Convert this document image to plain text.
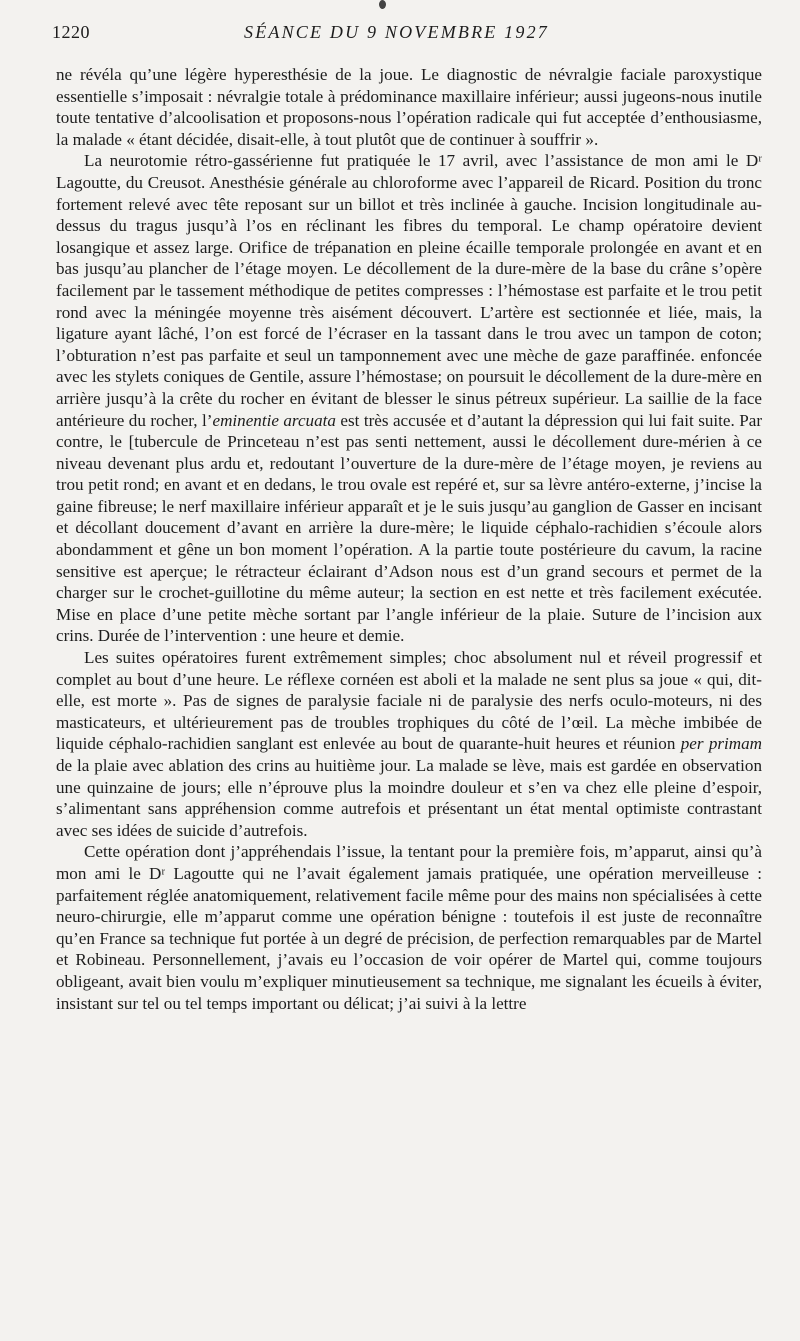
1220	SÉANCE DU 9 NOVEMBRE 1927

ne révéla qu’une légère hyperesthésie de la joue. Le diagnostic de névralgie faciale paroxystique essentielle s’imposait : névralgie totale à prédominance maxillaire inférieur; aussi jugeons-nous inutile toute tentative d’alcoolisation et proposons-nous l’opération radicale qui fut acceptée d’enthousiasme, la malade « étant décidée, disait-elle, à tout plutôt que de continuer à souffrir ».

La neurotomie rétro-gassérienne fut pratiquée le 17 avril, avec l’assistance de mon ami le Dʳ Lagoutte, du Creusot. Anesthésie générale au chloroforme avec l’appareil de Ricard. Position du tronc fortement relevé avec tête reposant sur un billot et très inclinée à gauche. Incision longitudinale au-dessus du tragus jusqu’à l’os en réclinant les fibres du temporal. Le champ opératoire devient losangique et assez large. Orifice de trépanation en pleine écaille temporale prolongée en avant et en bas jusqu’au plancher de l’étage moyen. Le décollement de la dure-mère de la base du crâne s’opère facilement par le tassement méthodique de petites compresses : l’hémostase est parfaite et le trou petit rond avec la méningée moyenne très aisément découvert. L’artère est sectionnée et liée, mais, la ligature ayant lâché, l’on est forcé de l’écraser en la tassant dans le trou avec un tampon de coton; l’obturation n’est pas parfaite et seul un tamponnement avec une mèche de gaze paraffinée. enfoncée avec les stylets coniques de Gentile, assure l’hémostase; on poursuit le décollement de la dure-mère en arrière jusqu’à la crête du rocher en évitant de blesser le sinus pétreux supérieur. La saillie de la face antérieure du rocher, l’eminentie arcuata est très accusée et d’autant la dépression qui lui fait suite. Par contre, le [tubercule de Princeteau n’est pas senti nettement, aussi le décollement dure-mérien à ce niveau devenant plus ardu et, redoutant l’ouverture de la dure-mère de l’étage moyen, je reviens au trou petit rond; en avant et en dedans, le trou ovale est repéré et, sur sa lèvre antéro-externe, j’incise la gaine fibreuse; le nerf maxillaire inférieur apparaît et je le suis jusqu’au ganglion de Gasser en incisant et décollant doucement d’avant en arrière la dure-mère; le liquide céphalo-rachidien s’écoule alors abondamment et gêne un bon moment l’opération. A la partie toute postérieure du cavum, la racine sensitive est aperçue; le rétracteur éclairant d’Adson nous est d’un grand secours et permet de la charger sur le crochet-guillotine du même auteur; la section en est nette et très facilement exécutée. Mise en place d’une petite mèche sortant par l’angle inférieur de la plaie. Suture de l’incision aux crins. Durée de l’intervention : une heure et demie.

Les suites opératoires furent extrêmement simples; choc absolument nul et réveil progressif et complet au bout d’une heure. Le réflexe cornéen est aboli et la malade ne sent plus sa joue « qui, dit-elle, est morte ». Pas de signes de paralysie faciale ni de paralysie des nerfs oculo-moteurs, ni des masticateurs, et ultérieurement pas de troubles trophiques du côté de l’œil. La mèche imbibée de liquide céphalo-rachidien sanglant est enlevée au bout de quarante-huit heures et réunion per primam de la plaie avec ablation des crins au huitième jour. La malade se lève, mais est gardée en observation une quinzaine de jours; elle n’éprouve plus la moindre douleur et s’en va chez elle pleine d’espoir, s’alimentant sans appréhension comme autrefois et présentant un état mental optimiste contrastant avec ses idées de suicide d’autrefois.

Cette opération dont j’appréhendais l’issue, la tentant pour la première fois, m’apparut, ainsi qu’à mon ami le Dʳ Lagoutte qui ne l’avait également jamais pratiquée, une opération merveilleuse : parfaitement réglée anatomiquement, relativement facile même pour des mains non spécialisées à cette neuro-chirurgie, elle m’apparut comme une opération bénigne : toutefois il est juste de reconnaître qu’en France sa technique fut portée à un degré de précision, de perfection remarquables par de Martel et Robineau. Personnellement, j’avais eu l’occasion de voir opérer de Martel qui, comme toujours obligeant, avait bien voulu m’expliquer minutieusement sa technique, me signalant les écueils à éviter, insistant sur tel ou tel temps important ou délicat; j’ai suivi à la lettre
